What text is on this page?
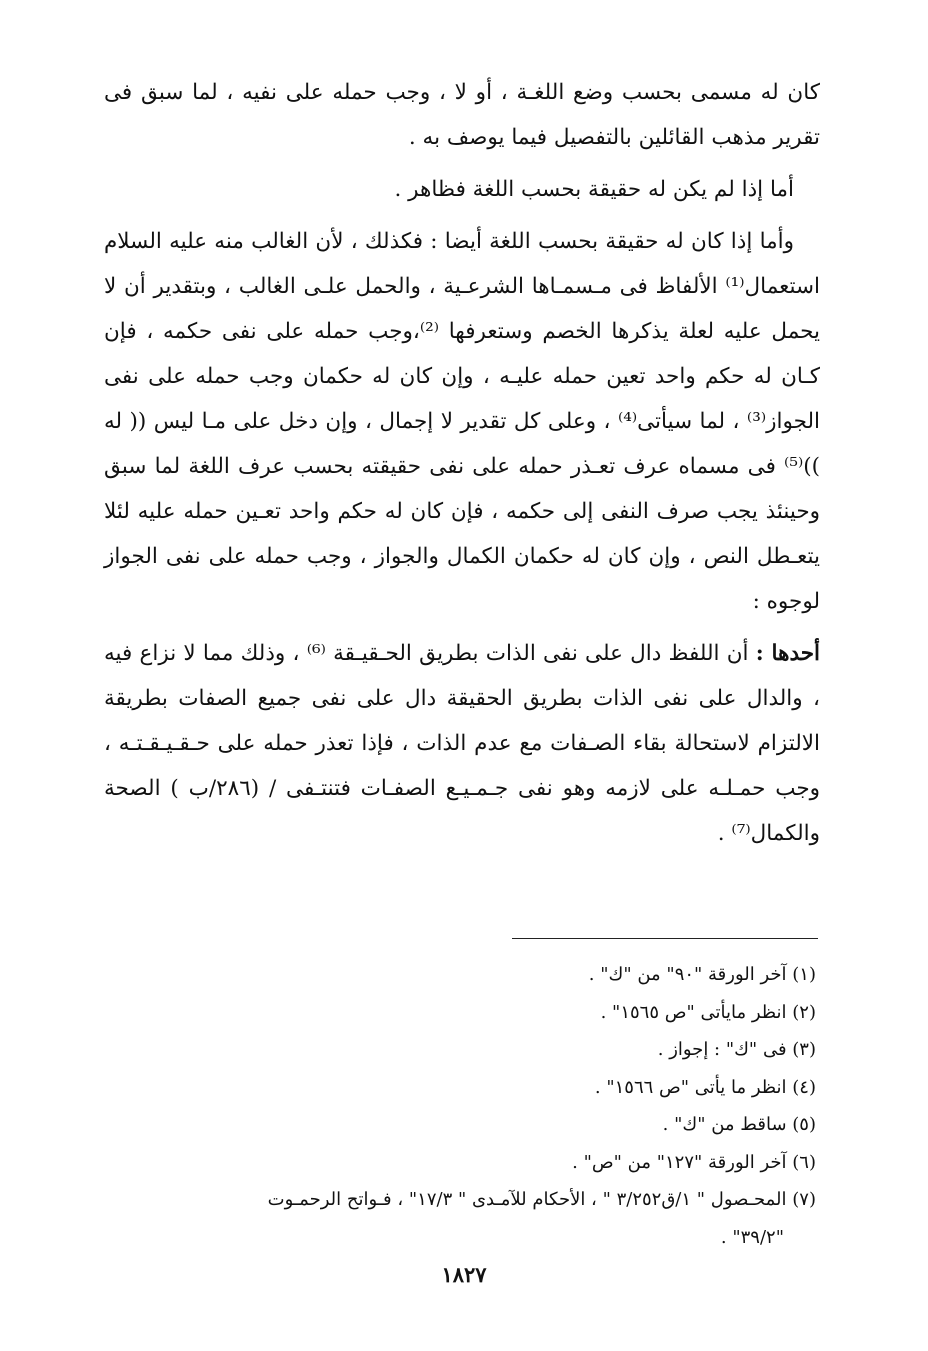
كان له مسمى بحسب وضع اللغـة ، أو لا ، وجب حمله على نفيه ، لما سبق فى تقرير مذهب القائلين بالتفصيل فيما يوصف به .

أما إذا لم يكن له حقيقة بحسب اللغة فظاهر .

وأما إذا كان له حقيقة بحسب اللغة أيضا : فكذلك ، لأن الغالب منه عليه السلام استعمال⁽¹⁾ الألفاظ فى مـسمـاها الشرعـية ، والحمل علـى الغالب ، وبتقدير أن لا يحمل عليه لعلة يذكرها الخصم وستعرفها ⁽²⁾،وجب حمله على نفى حكمه ، فإن كـان له حكم واحد تعين حمله عليـه ، وإن كان له حكمان وجب حمله على نفى الجواز⁽³⁾ ، لما سيأتى⁽⁴⁾ ، وعلى كل تقدير لا إجمال ، وإن دخل على مـا ليس (( له ))⁽⁵⁾ فى مسماه عرف تعـذر حمله على نفى حقيقته بحسب عرف اللغة لما سبق وحينئذ يجب صرف النفى إلى حكمه ، فإن كان له حكم واحد تعـين حمله عليه لئلا يتعـطل النص ، وإن كان له حكمان الكمال والجواز ، وجب حمله على نفى الجواز لوجوه :

أحدها : أن اللفظ دال على نفى الذات بطريق الحـقيـقة ⁽⁶⁾ ، وذلك مما لا نزاع فيه ، والدال على نفى الذات بطريق الحقيقة دال على نفى جميع الصفات بطريقة الالتزام لاستحالة بقاء الصـفات مع عدم الذات ، فإذا تعذر حمله على حـقـيـقـتـه ، وجب حمـلـه على لازمه وهو نفى جـمـيـع الصفـات فتنتـفى / (٢٨٦/ب ) الصحة والكمال⁽⁷⁾ .

(١) آخر الورقة "٩٠" من "ك" .

(٢) انظر مايأتى "ص ١٥٦٥" .

(٣) فى "ك" : إجواز .

(٤) انظر ما يأتى "ص ١٥٦٦" .

(٥) ساقط من "ك" .

(٦) آخر الورقة "١٢٧" من "ص" .

(٧) المحـصول " ١/ق٣/٢٥٢ " ، الأحكام للآمـدى " ١٧/٣" ، فـواتح الرحمـوت

"٣٩/٢" .

١٨٢٧
